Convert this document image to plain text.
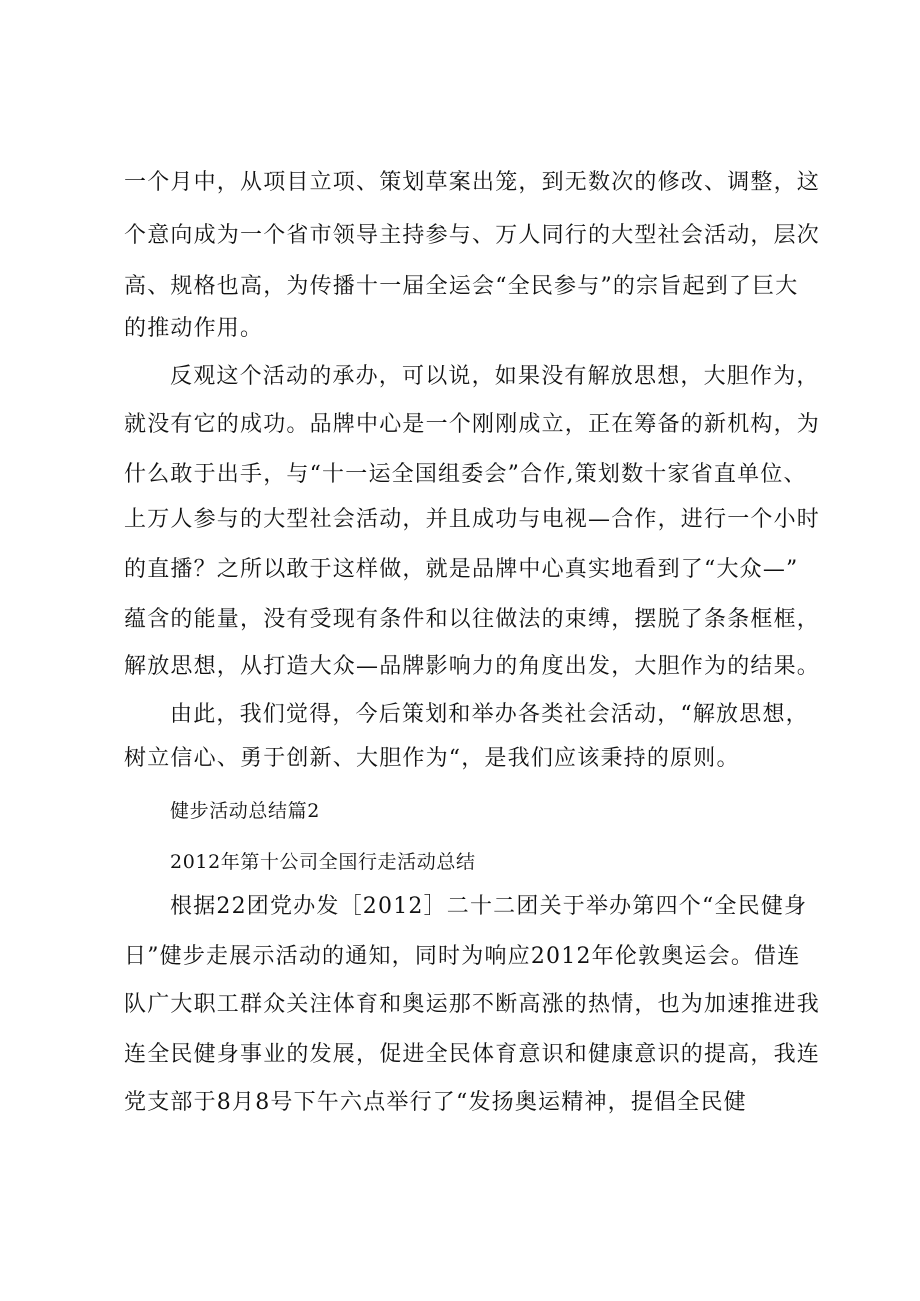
一个月中，从项目立项、策划草案出笼，到无数次的修改、调整，这
个意向成为一个省市领导主持参与、万人同行的大型社会活动，层次
高、规格也高，为传播十一届全运会“全民参与”的宗旨起到了巨大
的推动作用。
反观这个活动的承办，可以说，如果没有解放思想，大胆作为，
就没有它的成功。品牌中心是一个刚刚成立，正在筹备的新机构，为
什么敢于出手，与“十一运全国组委会”合作,策划数十家省直单位、
上万人参与的大型社会活动，并且成功与电视—合作，进行一个小时
的直播？之所以敢于这样做，就是品牌中心真实地看到了“大众—”
蕴含的能量，没有受现有条件和以往做法的束缚，摆脱了条条框框，
解放思想，从打造大众—品牌影响力的角度出发，大胆作为的结果。
由此，我们觉得，今后策划和举办各类社会活动，“解放思想，
树立信心、勇于创新、大胆作为“，是我们应该秉持的原则。
健步活动总结篇2
2012年第十公司全国行走活动总结
根据22团党办发［2012］二十二团关于举办第四个“全民健身
日”健步走展示活动的通知，同时为响应2012年伦敦奥运会。借连
队广大职工群众关注体育和奥运那不断高涨的热情，也为加速推进我
连全民健身事业的发展，促进全民体育意识和健康意识的提高，我连
党支部于8月8号下午六点举行了“发扬奥运精神，提倡全民健
